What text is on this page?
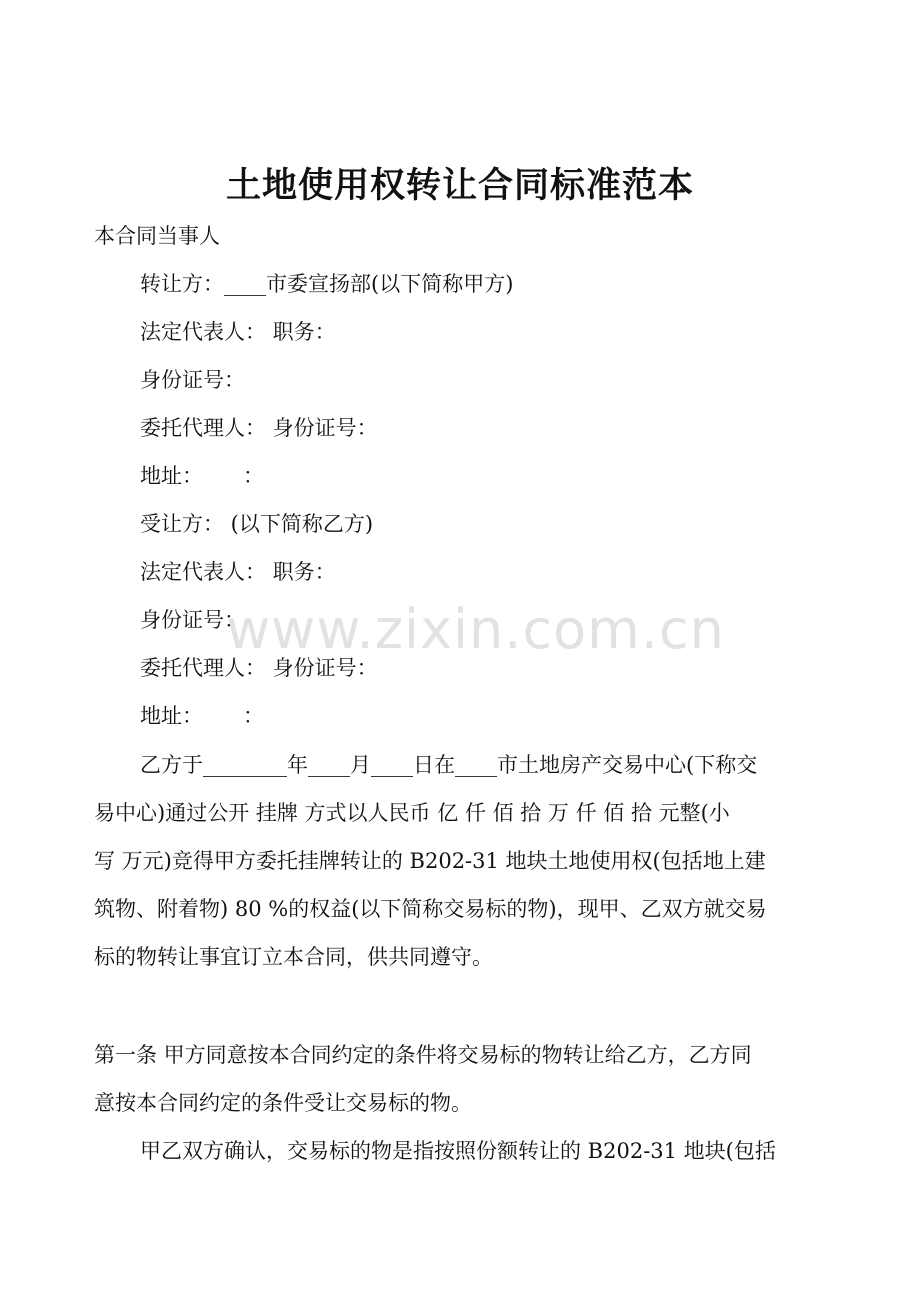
土地使用权转让合同标准范本
www.zixin.com.cn

本合同当事人

转让方：____市委宣扬部(以下简称甲方)

法定代表人： 职务：

身份证号：

委托代理人： 身份证号：

地址：      ：

受让方： (以下简称乙方)

法定代表人： 职务：

身份证号：

委托代理人： 身份证号：

地址：      ：

乙方于________年____月____日在____市土地房产交易中心(下称交

易中心)通过公开 挂牌 方式以人民币 亿 仟 佰 拾 万 仟 佰 拾 元整(小

写 万元)竞得甲方委托挂牌转让的 B202-31 地块土地使用权(包括地上建

筑物、附着物) 80 %的权益(以下简称交易标的物)，现甲、乙双方就交易

标的物转让事宜订立本合同，供共同遵守。

第一条 甲方同意按本合同约定的条件将交易标的物转让给乙方，乙方同

意按本合同约定的条件受让交易标的物。

甲乙双方确认，交易标的物是指按照份额转让的 B202-31 地块(包括
